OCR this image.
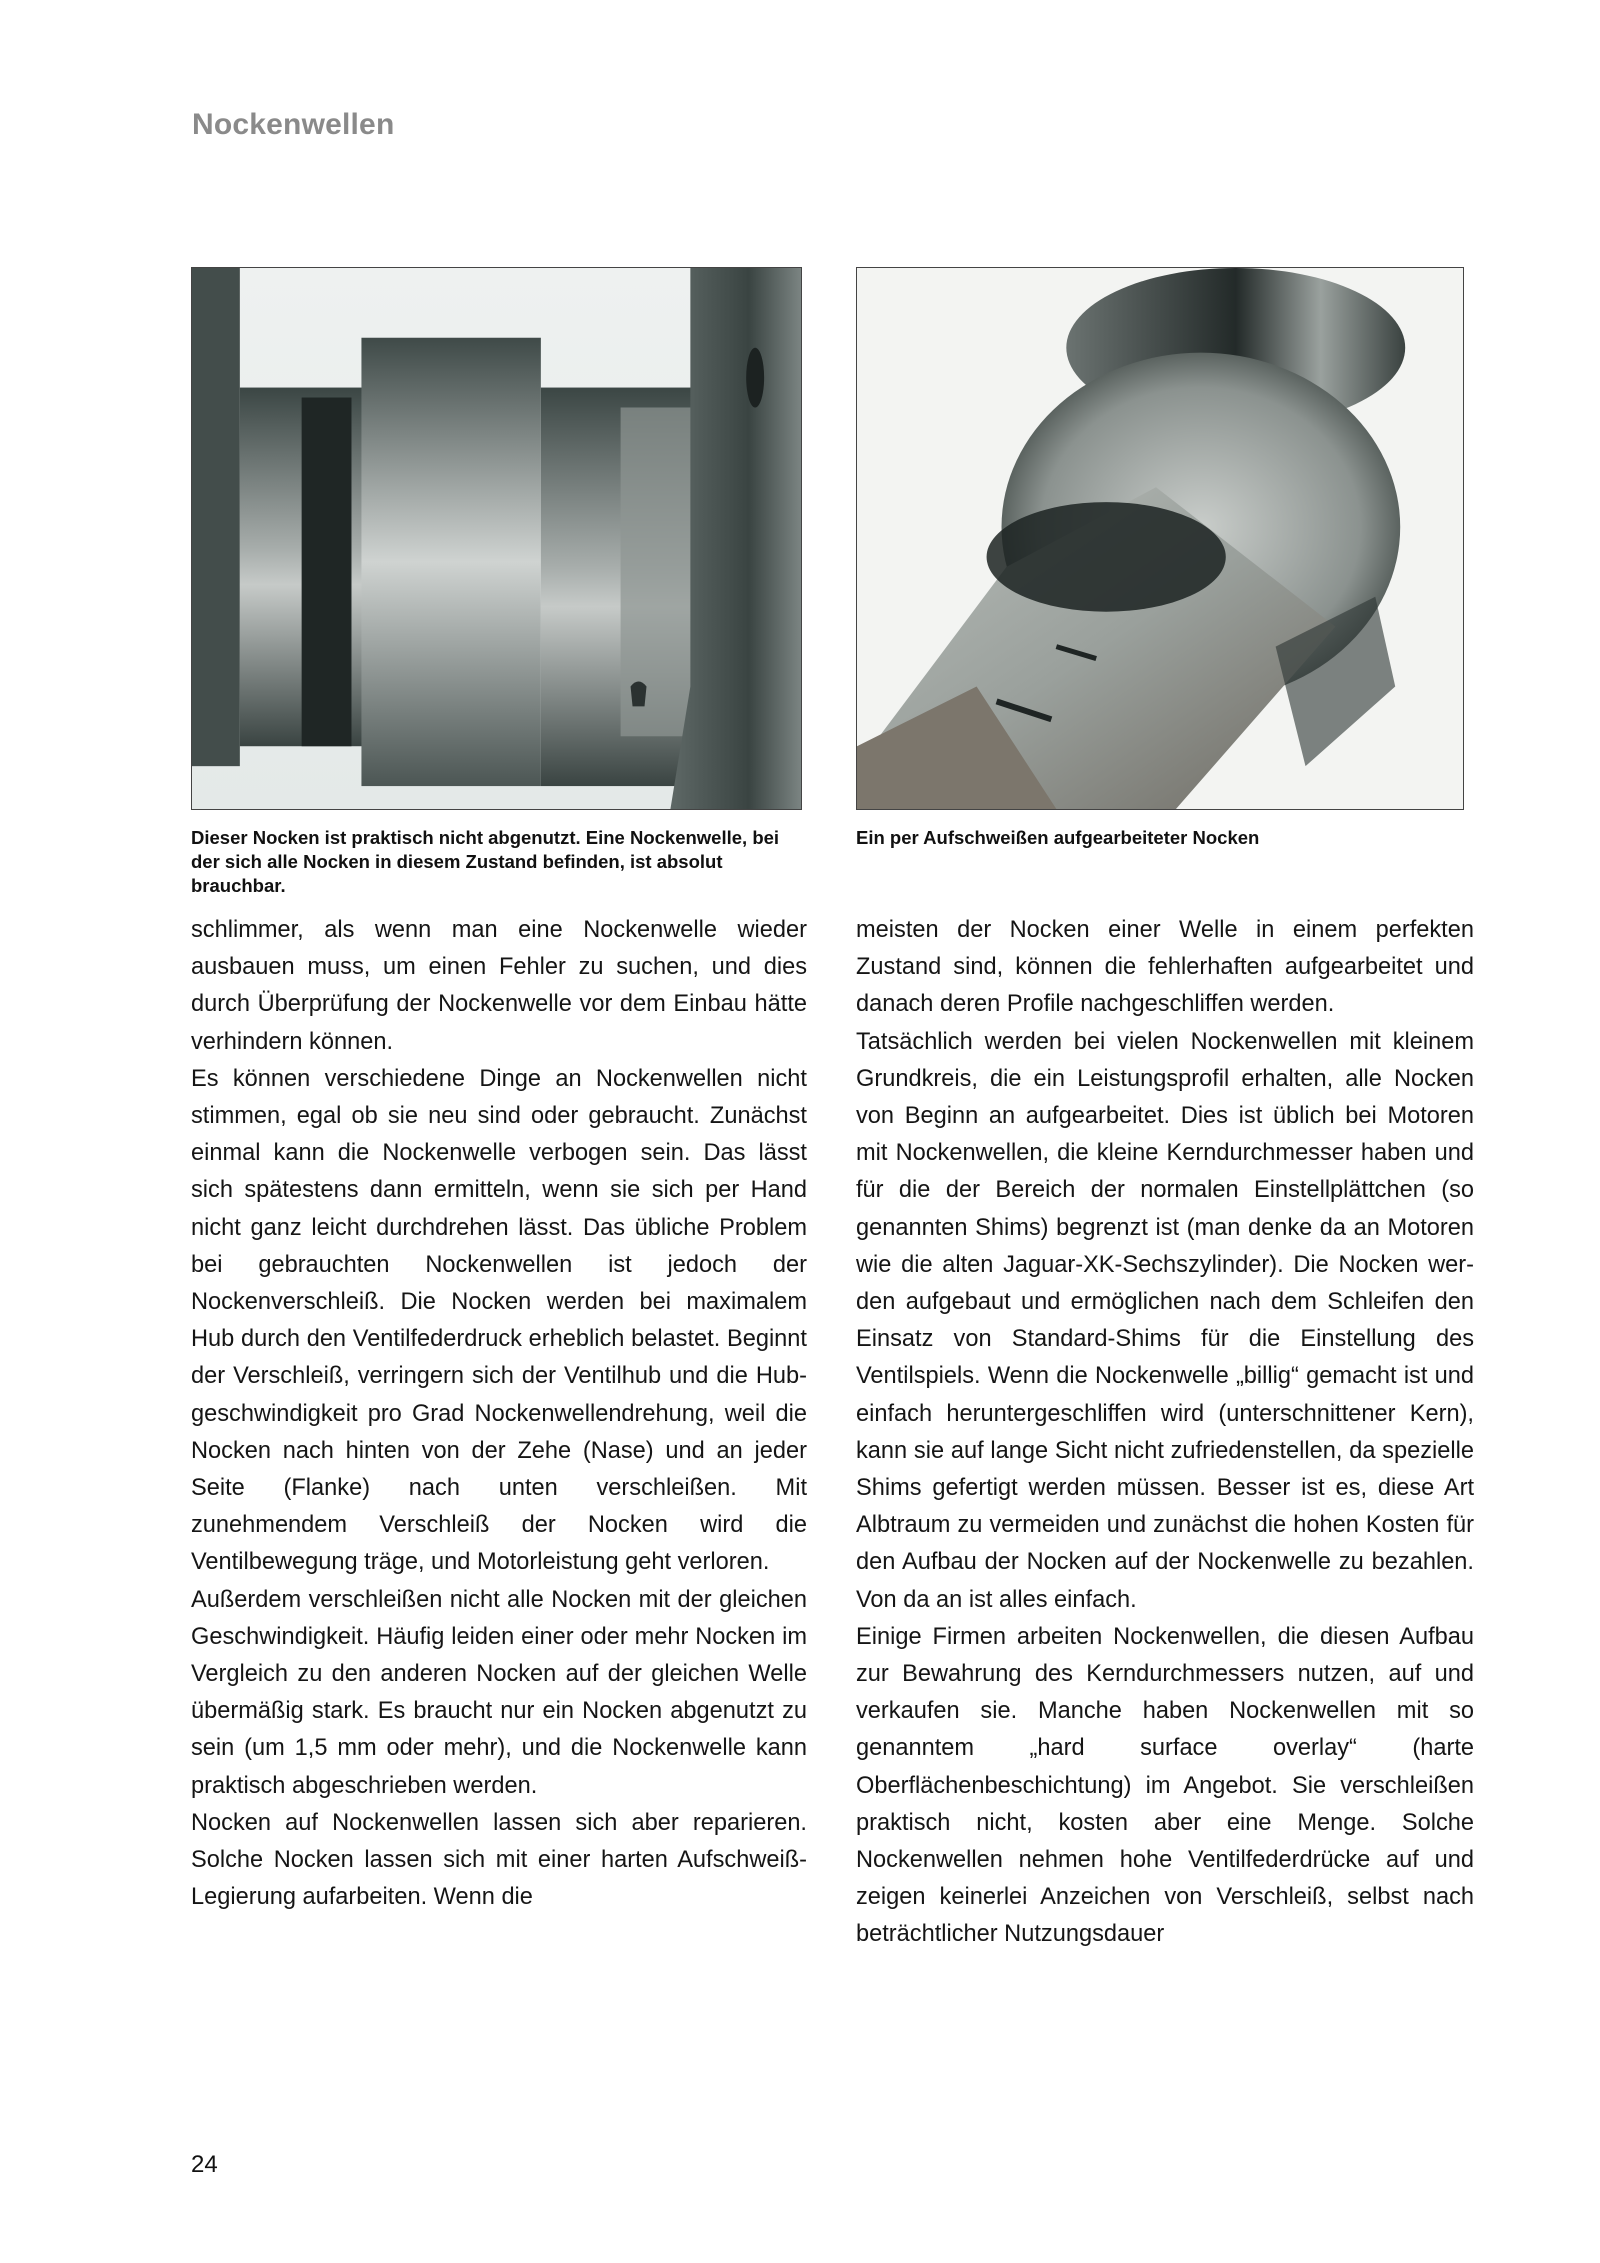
Nockenwellen
Dieser Nocken ist praktisch nicht abgenutzt. Eine Nockenwelle, bei der sich alle Nocken in diesem Zustand befinden, ist absolut brauchbar.
Ein per Aufschweißen aufgearbeiteter Nocken

schlimmer, als wenn man eine Nockenwelle wieder ausbauen muss, um einen Fehler zu suchen, und dies durch Überprüfung der Nockenwelle vor dem Einbau hätte verhindern können.

Es können verschiedene Dinge an Nockenwellen nicht stimmen, egal ob sie neu sind oder gebraucht. Zunächst einmal kann die Nockenwelle verbogen sein. Das lässt sich spätestens dann ermitteln, wenn sie sich per Hand nicht ganz leicht durchdrehen lässt. Das übliche Problem bei gebrauchten Nockenwellen ist jedoch der Nockenverschleiß. Die Nocken werden bei maximalem Hub durch den Ventilfederdruck erheblich belastet. Beginnt der Verschleiß, verringern sich der Ventilhub und die Hubgeschwindigkeit pro Grad Nockenwellendrehung, weil die Nocken nach hinten von der Zehe (Nase) und an jeder Seite (Flanke) nach unten verschleißen. Mit zunehmendem Verschleiß der Nocken wird die Ventilbewegung träge, und Motorleistung geht verloren.

Außerdem verschleißen nicht alle Nocken mit der gleichen Geschwindigkeit. Häufig leiden einer oder mehr Nocken im Vergleich zu den anderen Nocken auf der gleichen Welle übermäßig stark. Es braucht nur ein Nocken abgenutzt zu sein (um 1,5 mm oder mehr), und die Nockenwelle kann praktisch abgeschrieben werden.

Nocken auf Nockenwellen lassen sich aber reparieren. Solche Nocken lassen sich mit einer harten Aufschweiß-Legierung aufarbeiten. Wenn die

meisten der Nocken einer Welle in einem perfekten Zustand sind, können die fehlerhaften aufgearbeitet und danach deren Profile nachgeschliffen werden.

Tatsächlich werden bei vielen Nockenwellen mit kleinem Grundkreis, die ein Leistungsprofil erhalten, alle Nocken von Beginn an aufgearbeitet. Dies ist üblich bei Motoren mit Nockenwellen, die kleine Kerndurchmesser haben und für die der Bereich der normalen Einstellplättchen (so genannten Shims) begrenzt ist (man denke da an Motoren wie die alten Jaguar-XK-Sechszylinder). Die Nocken werden aufgebaut und ermöglichen nach dem Schleifen den Einsatz von Standard-Shims für die Einstellung des Ventilspiels. Wenn die Nockenwelle „billig“ gemacht ist und einfach heruntergeschliffen wird (unterschnittener Kern), kann sie auf lange Sicht nicht zufriedenstellen, da spezielle Shims gefertigt werden müssen. Besser ist es, diese Art Albtraum zu vermeiden und zunächst die hohen Kosten für den Aufbau der Nocken auf der Nockenwelle zu bezahlen. Von da an ist alles einfach.

Einige Firmen arbeiten Nockenwellen, die diesen Aufbau zur Bewahrung des Kerndurchmessers nutzen, auf und verkaufen sie. Manche haben Nockenwellen mit so genanntem „hard surface overlay“ (harte Oberflächenbeschichtung) im Angebot. Sie verschleißen praktisch nicht, kosten aber eine Menge. Solche Nockenwellen nehmen hohe Ventilfederdrücke auf und zeigen keinerlei Anzeichen von Verschleiß, selbst nach beträchtlicher Nutzungsdauer

24
